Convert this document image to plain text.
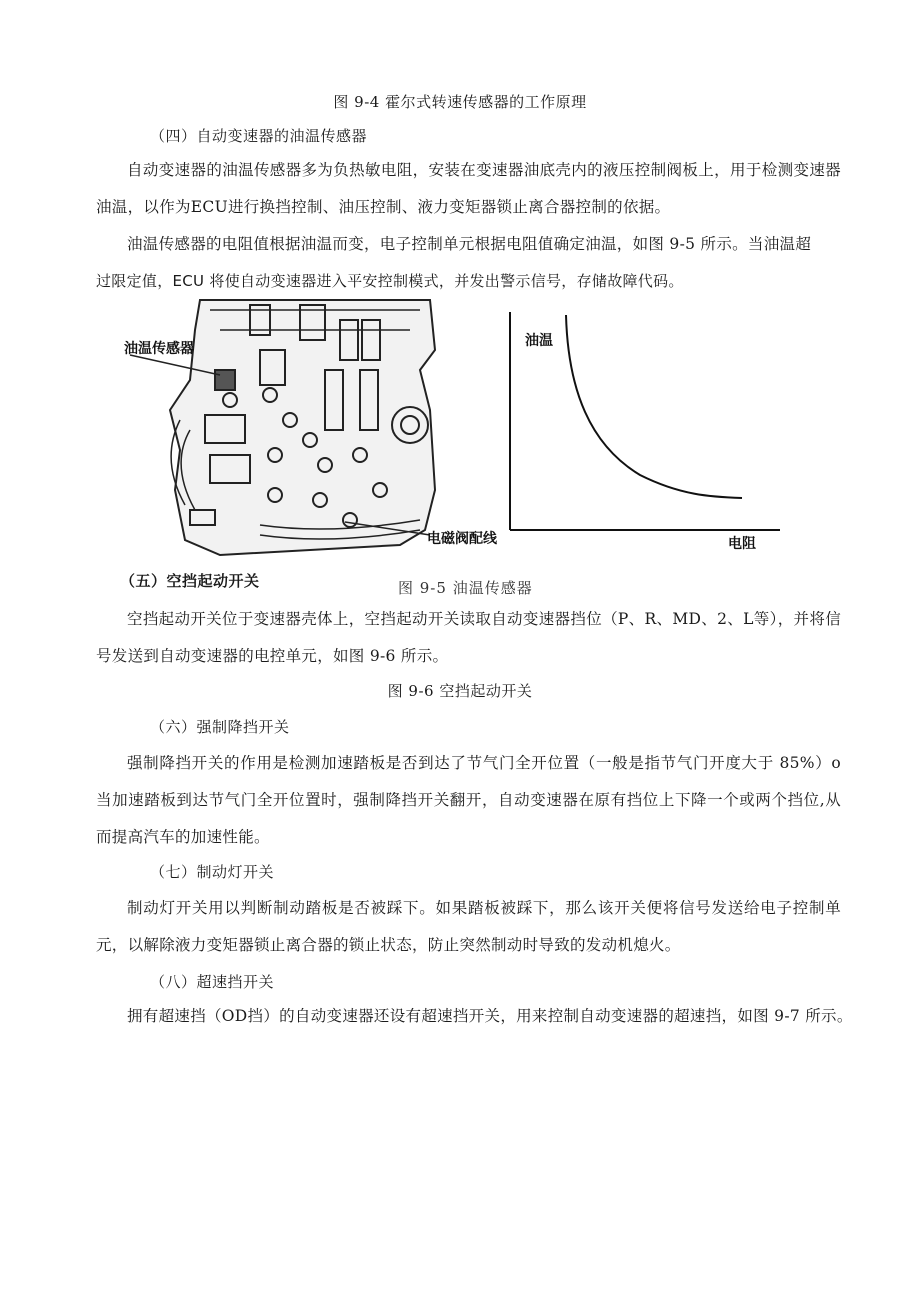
图 9-4 霍尔式转速传感器的工作原理
（四）自动变速器的油温传感器

自动变速器的油温传感器多为负热敏电阻，安装在变速器油底壳内的液压控制阀板上，用于检测变速器油温，以作为ECU进行换挡控制、油压控制、液力变矩器锁止离合器控制的依据。

油温传感器的电阻值根据油温而变，电子控制单元根据电阻值确定油温，如图 9-5 所示。当油温超

过限定值，ECU 将使自动变速器进入平安控制模式，并发出警示信号，存储故障代码。

油温传感器
电磁阀配线
油温
电阻
（五）空挡起动开关	图 9-5 油温传感器

空挡起动开关位于变速器壳体上，空挡起动开关读取自动变速器挡位（P、R、MD、2、L等），并将信号发送到自动变速器的电控单元，如图 9-6 所示。

图 9-6 空挡起动开关
（六）强制降挡开关

强制降挡开关的作用是检测加速踏板是否到达了节气门全开位置（一般是指节气门开度大于 85%）o 当加速踏板到达节气门全开位置时，强制降挡开关翻开，自动变速器在原有挡位上下降一个或两个挡位,从而提高汽车的加速性能。

（七）制动灯开关

制动灯开关用以判断制动踏板是否被踩下。如果踏板被踩下，那么该开关便将信号发送给电子控制单元，以解除液力变矩器锁止离合器的锁止状态，防止突然制动时导致的发动机熄火。

（八）超速挡开关

拥有超速挡（OD挡）的自动变速器还设有超速挡开关，用来控制自动变速器的超速挡，如图 9-7 所示。
